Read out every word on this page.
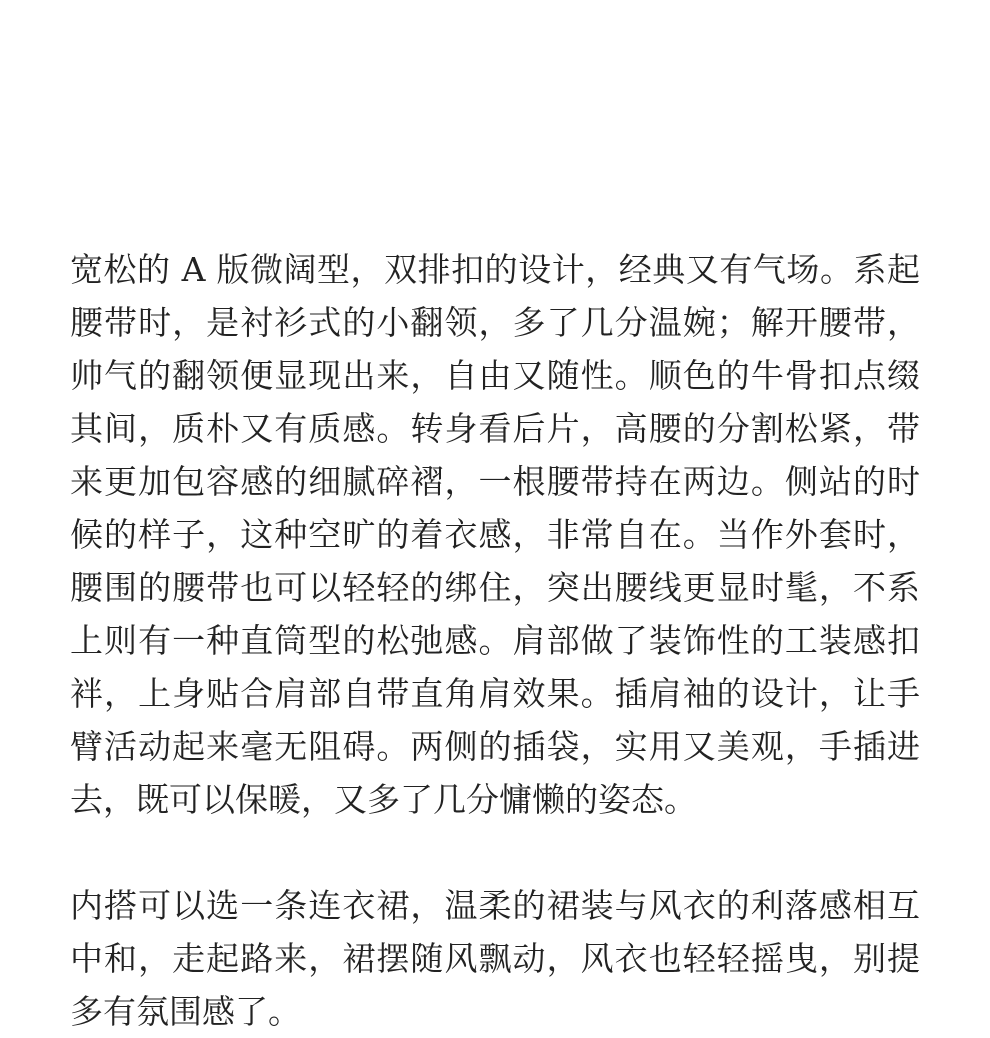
宽松的 A 版微阔型，双排扣的设计，经典又有气场。系起腰带时，是衬衫式的小翻领，多了几分温婉；解开腰带，帅气的翻领便显现出来，自由又随性。顺色的牛骨扣点缀其间，质朴又有质感。转身看后片，高腰的分割松紧，带来更加包容感的细腻碎褶，一根腰带持在两边。侧站的时候的样子，这种空旷的着衣感，非常自在。当作外套时，腰围的腰带也可以轻轻的绑住，突出腰线更显时髦，不系上则有一种直筒型的松弛感。肩部做了装饰性的工装感扣袢，上身贴合肩部自带直角肩效果。插肩袖的设计，让手臂活动起来毫无阻碍。两侧的插袋，实用又美观，手插进去，既可以保暖，又多了几分慵懒的姿态。

内搭可以选一条连衣裙，温柔的裙装与风衣的利落感相互中和，走起路来，裙摆随风飘动，风衣也轻轻摇曳，别提多有氛围感了。
